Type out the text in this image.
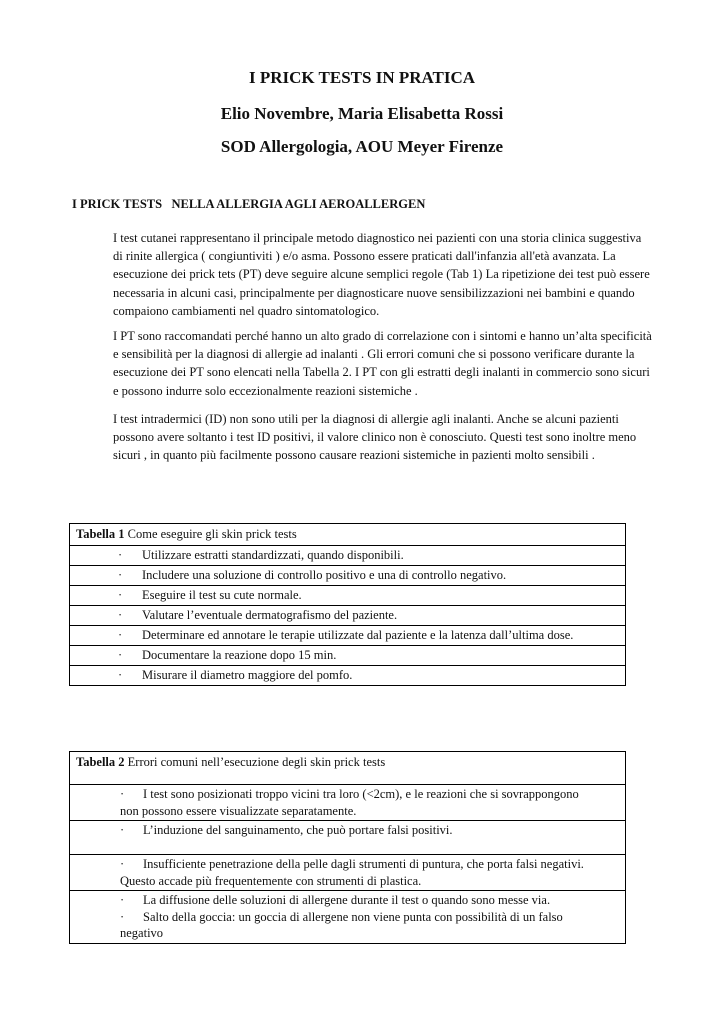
I PRICK TESTS IN PRATICA
Elio Novembre, Maria Elisabetta Rossi
SOD Allergologia, AOU Meyer Firenze
I PRICK TESTS   NELLA ALLERGIA AGLI AEROALLERGEN

I test cutanei rappresentano il principale metodo diagnostico nei pazienti con una storia clinica suggestiva di rinite allergica ( congiuntiviti ) e/o asma. Possono essere praticati dall'infanzia all'età avanzata. La esecuzione dei prick tets (PT) deve seguire alcune semplici regole (Tab 1) La ripetizione dei test può essere necessaria in alcuni casi, principalmente per diagnosticare nuove sensibilizzazioni nei bambini e quando compaiono cambiamenti nel quadro sintomatologico.

I PT sono raccomandati perché hanno un alto grado di correlazione con i sintomi e hanno un’alta specificità e sensibilità per la diagnosi di allergie ad inalanti . Gli errori comuni che si possono verificare durante la esecuzione dei PT sono elencati nella Tabella 2. I PT con gli estratti degli inalanti in commercio sono sicuri e possono indurre solo eccezionalmente reazioni sistemiche .

I test intradermici (ID) non sono utili per la diagnosi di allergie agli inalanti. Anche se alcuni pazienti possono avere soltanto i test ID positivi, il valore clinico non è conosciuto. Questi test sono inoltre meno sicuri , in quanto più facilmente possono causare reazioni sistemiche in pazienti molto sensibili .

Tabella 1 Come eseguire gli skin prick tests

·	Utilizzare estratti standardizzati, quando disponibili.

·	Includere una soluzione di controllo positivo e una di controllo negativo.

·	Eseguire il test su cute normale.

·	Valutare l’eventuale dermatografismo del paziente.

·	Determinare ed annotare le terapie utilizzate dal paziente e la latenza dall’ultima dose.

·	Documentare la reazione dopo 15 min.

·	Misurare il diametro maggiore del pomfo.
Tabella 2 Errori comuni nell’esecuzione degli skin prick tests

· I test sono posizionati troppo vicini tra loro (<2cm), e le reazioni che si sovrappongono
non possono essere visualizzate separatamente.

· L’induzione del sanguinamento, che può portare falsi positivi.

· Insufficiente penetrazione della pelle dagli strumenti di puntura, che porta falsi negativi.
Questo accade più frequentemente con strumenti di plastica.

· La diffusione delle soluzioni di allergene durante il test o quando sono messe via.
· Salto della goccia: un goccia di allergene non viene punta con possibilità di un falso
negativo
